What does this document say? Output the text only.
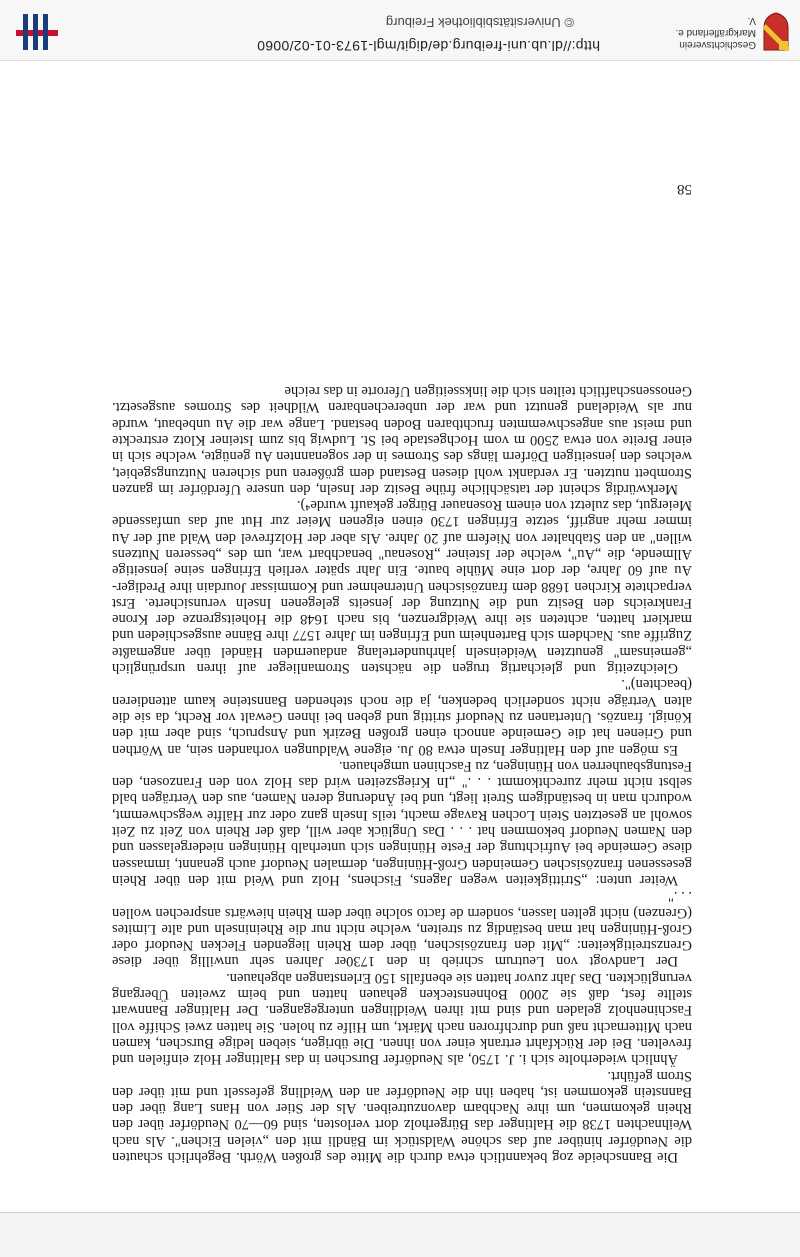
Geschichtsverein
Markgräflerland e. V.
http://dl.ub.uni-freiburg.de/digit/mgl-1973-01-02/0060
© Universitätsbibliothek Freiburg

Die Bannscheide zog bekanntlich etwa durch die Mitte des großen Wörth. Begehrlich schauten die Neudörfer hinüber auf das schöne Waldstück im Bändli mit den „vielen Eichen". Als nach Weihnachten 1738 die Haltinger das Bürgerholz dort verlosten, sind 60—70 Neudörfer über den Rhein gekommen, um ihre Nachbarn davonzutreiben. Als der Stier von Hans Lang über den Bannstein gekommen ist, haben ihn die Neudörfer an den Weidling gefesselt und mit über den Strom geführt.

Ähnlich wiederholte sich i. J. 1750, als Neudörfer Burschen in das Haltinger Holz einfielen und frevelten. Bei der Rückfahrt ertrank einer von ihnen. Die übrigen, sieben ledige Burschen, kamen nach Mitternacht naß und durchfroren nach Märkt, um Hilfe zu holen. Sie hatten zwei Schiffe voll Faschinenholz geladen und sind mit ihren Weidlingen untergegangen. Der Haltinger Bannwart stellte fest, daß sie 2000 Bohnenstecken gehauen hatten und beim zweiten Übergang verunglückten. Das Jahr zuvor hatten sie ebenfalls 150 Erlenstangen abgehauen.

Der Landvogt von Leutrum schrieb in den 1730er Jahren sehr unwillig über diese Grenzstreitigkeiten: „Mit den französischen, über dem Rhein liegenden Flecken Neudorf oder Groß-Hüningen hat man beständig zu streiten, welche nicht nur die Rheininseln und alte Limites (Grenzen) nicht gelten lassen, sondern de facto solche über dem Rhein hiewärts ansprechen wollen . . ."

Weiter unten: „Strittigkeiten wegen Jagens, Fischens, Holz und Weid mit den über Rhein gesessenen französischen Gemeinden Groß-Hüningen, dermalen Neudorf auch genannt, immassen diese Gemeinde bei Aufrichtung der Feste Hüningen sich unterhalb Hüningen niedergelassen und den Namen Neudorf bekommen hat . . . Das Unglück aber will, daß der Rhein von Zeit zu Zeit sowohl an gesetzten Stein Lochen Ravage macht, teils Inseln ganz oder zur Hälfte wegschwemmt, wodurch man in beständigem Streit liegt, und bei Änderung deren Namen, aus den Verträgen bald selbst nicht mehr zurechtkommt . . ." „In Kriegszeiten wird das Holz von den Franzosen, den Festungsbauherren von Hüningen, zu Faschinen umgehauen.

Es mögen auf den Haltinger Inseln etwa 80 Ju. eigene Waldungen vorhanden sein, an Wörthen und Grienen hat die Gemeinde annoch einen großen Bezirk und Anspruch, sind aber mit den Königl. französ. Untertanen zu Neudorf strittig und geben bei ihnen Gewalt vor Recht, da sie die alten Verträge nicht sonderlich bedenken, ja die noch stehenden Bannsteine kaum attendieren (beachten)".

Gleichzeitig und gleichartig trugen die nächsten Stromanlieger auf ihren ursprünglich „gemeinsam" genutzten Weideinseln jahrhundertelang andauernden Händel über angemaßte Zugriffe aus. Nachdem sich Bartenheim und Efringen im Jahre 1577 ihre Bänne ausgeschieden und markiert hatten, achteten sie ihre Weidgrenzen, bis nach 1648 die Hoheitsgrenze der Krone Frankreichs den Besitz und die Nutzung der jenseits gelegenen Inseln verunsicherte. Erst verpachtete Kirchen 1688 dem französischen Unternehmer und Kommissar Jourdain ihre Prediger-Au auf 60 Jahre, der dort eine Mühle baute. Ein Jahr später verlieh Efringen seine jenseitige Allmende, die „Au", welche der Isteiner „Rosenau" benachbart war, um des „besseren Nutzens willen" an den Stabhalter von Niefern auf 20 Jahre. Als aber der Holzfrevel den Wald auf der Au immer mehr angriff, setzte Efringen 1730 einen eigenen Meier zur Hut auf das umfassende Meiergut, das zuletzt von einem Rosenauer Bürger gekauft wurde⁴).

Merkwürdig scheint der tatsächliche frühe Besitz der Inseln, den unsere Uferdörfer im ganzen Strombett nutzten. Er verdankt wohl diesen Bestand dem größeren und sicheren Nutzungsgebiet, welches den jenseitigen Dörfern längs des Stromes in der sogenannten Au genügte, welche sich in einer Breite von etwa 2500 m vom Hochgestade bei St. Ludwig bis zum Isteiner Klotz erstreckte und meist aus angeschwemmten fruchtbaren Boden bestand. Lange war die Au unbebaut, wurde nur als Weideland genutzt und war der unberechenbaren Wildheit des Stromes ausgesetzt. Genossenschaftlich teilten sich die linksseitigen Uferorte in das reiche

58
